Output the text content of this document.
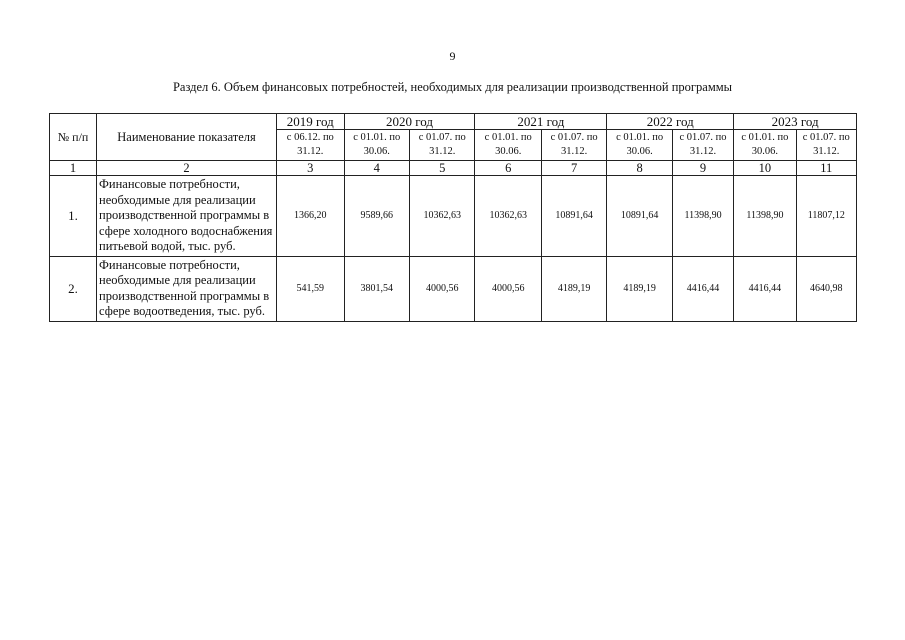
9
Раздел 6. Объем финансовых потребностей, необходимых для реализации производственной программы
№ п/п	Наименование показателя	2019 год	2020 год		2021 год		2022 год		2023 год	
		с 06.12. по 31.12.	с 01.01. по 30.06.	с 01.07. по 31.12.	с 01.01. по 30.06.	с 01.07. по 31.12.	с 01.01. по 30.06.	с 01.07. по 31.12.	с 01.01. по 30.06.	с 01.07. по 31.12.
1	2	3	4	5	6	7	8	9	10	11
1.	Финансовые потребности, необходимые для реализации производственной программы в сфере холодного водоснабжения питьевой водой, тыс. руб.	1366,20	9589,66	10362,63	10362,63	10891,64	10891,64	11398,90	11398,90	11807,12
2.	Финансовые потребности, необходимые для реализации производственной программы в сфере водоотведения, тыс. руб.	541,59	3801,54	4000,56	4000,56	4189,19	4189,19	4416,44	4416,44	4640,98
